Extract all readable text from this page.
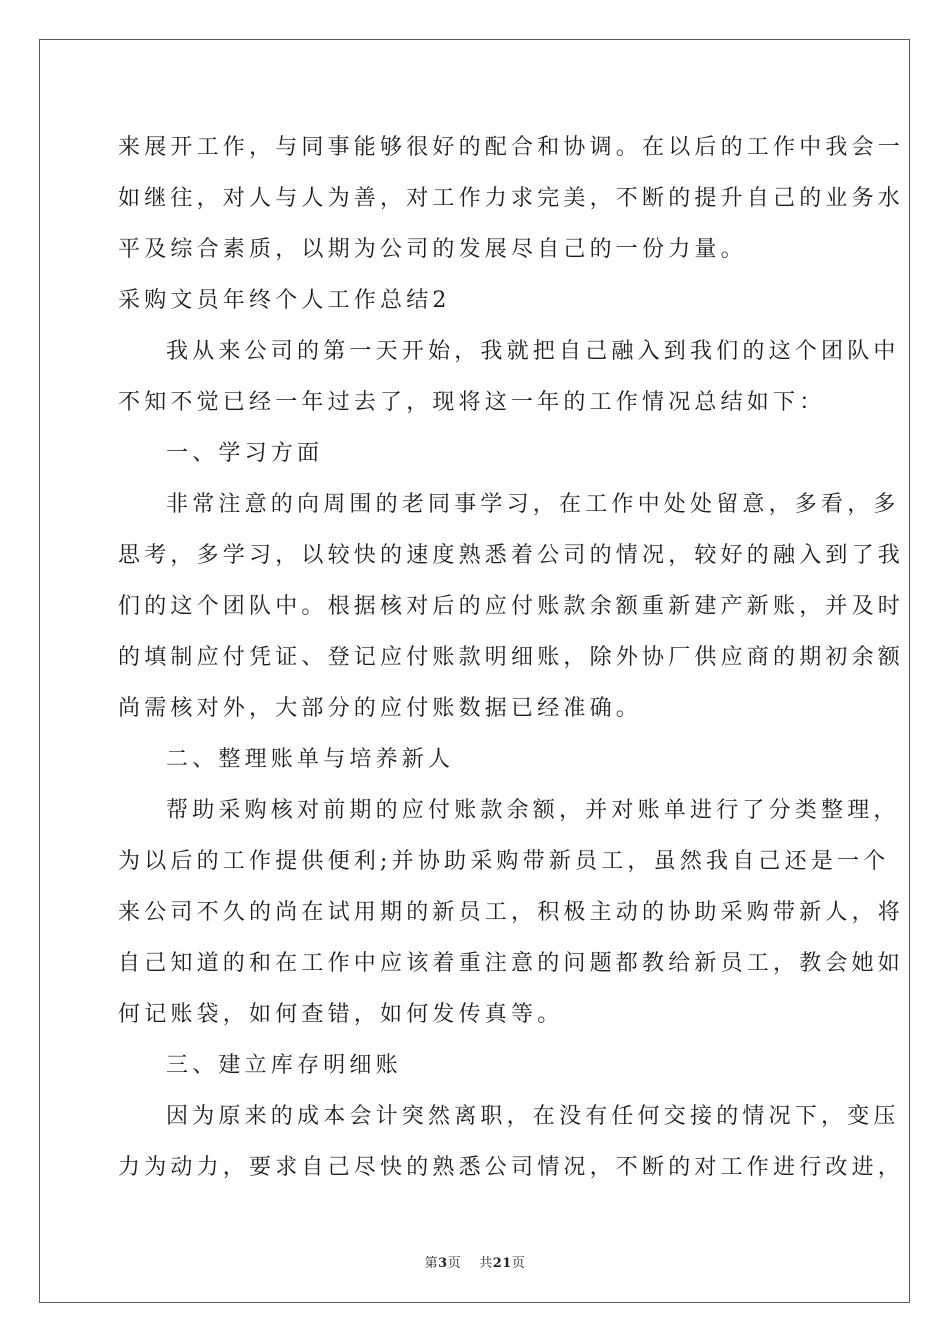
来展开工作，与同事能够很好的配合和协调。在以后的工作中我会一
如继往，对人与人为善，对工作力求完美，不断的提升自己的业务水
平及综合素质，以期为公司的发展尽自己的一份力量。
采购文员年终个人工作总结2
我从来公司的第一天开始，我就把自己融入到我们的这个团队中
不知不觉已经一年过去了，现将这一年的工作情况总结如下：
一、学习方面
非常注意的向周围的老同事学习，在工作中处处留意，多看，多
思考，多学习，以较快的速度熟悉着公司的情况，较好的融入到了我
们的这个团队中。根据核对后的应付账款余额重新建产新账，并及时
的填制应付凭证、登记应付账款明细账，除外协厂供应商的期初余额
尚需核对外，大部分的应付账数据已经准确。
二、整理账单与培养新人
帮助采购核对前期的应付账款余额，并对账单进行了分类整理，
为以后的工作提供便利;并协助采购带新员工，虽然我自己还是一个
来公司不久的尚在试用期的新员工，积极主动的协助采购带新人，将
自己知道的和在工作中应该着重注意的问题都教给新员工，教会她如
何记账袋，如何查错，如何发传真等。
三、建立库存明细账
因为原来的成本会计突然离职，在没有任何交接的情况下，变压
力为动力，要求自己尽快的熟悉公司情况，不断的对工作进行改进，
第3页 共21页
